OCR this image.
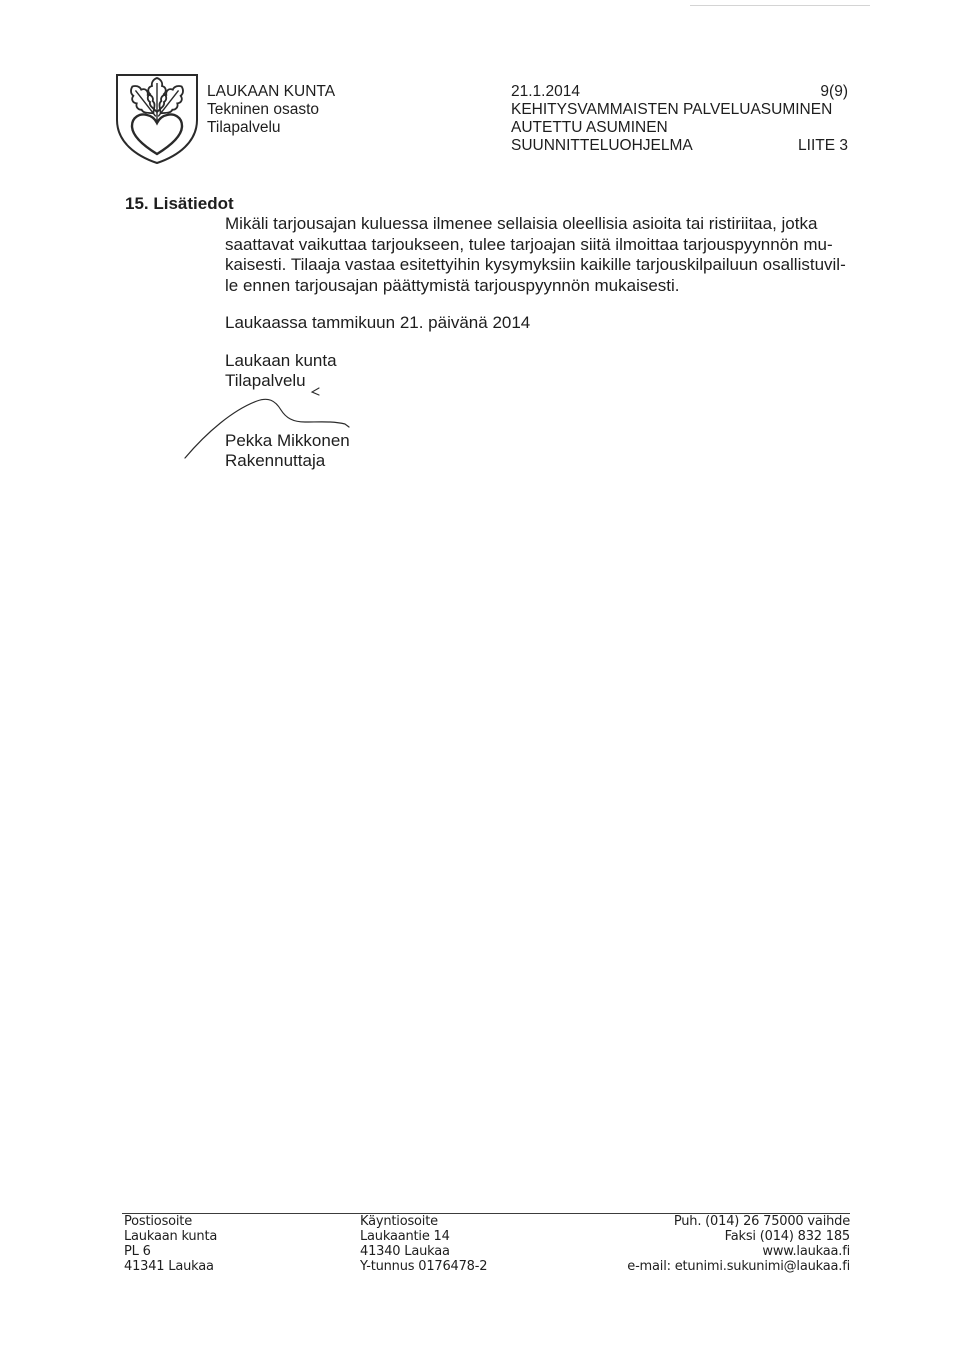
LAUKAAN KUNTA
Tekninen osasto
Tilapalvelu
21.1.2014	9(9)
KEHITYSVAMMAISTEN PALVELUASUMINEN
AUTETTU ASUMINEN
SUUNNITTELUOHJELMA	LIITE 3
15. Lisätiedot
Mikäli tarjousajan kuluessa ilmenee sellaisia oleellisia asioita tai ristiriitaa, jotka
saattavat vaikuttaa tarjoukseen, tulee tarjoajan siitä ilmoittaa tarjouspyynnön mu-
kaisesti. Tilaaja vastaa esitettyihin kysymyksiin kaikille tarjouskilpailuun osallistuvil-
le ennen tarjousajan päättymistä tarjouspyynnön mukaisesti.
Laukaassa tammikuun 21. päivänä 2014
Laukaan kunta
Tilapalvelu
Pekka Mikkonen
Rakennuttaja
Postiosoite
Laukaan kunta
PL 6
41341 Laukaa
Käyntiosoite
Laukaantie 14
41340 Laukaa
Y-tunnus 0176478-2
Puh. (014) 26 75000 vaihde
Faksi (014) 832 185
www.laukaa.fi
e-mail: etunimi.sukunimi@laukaa.fi
